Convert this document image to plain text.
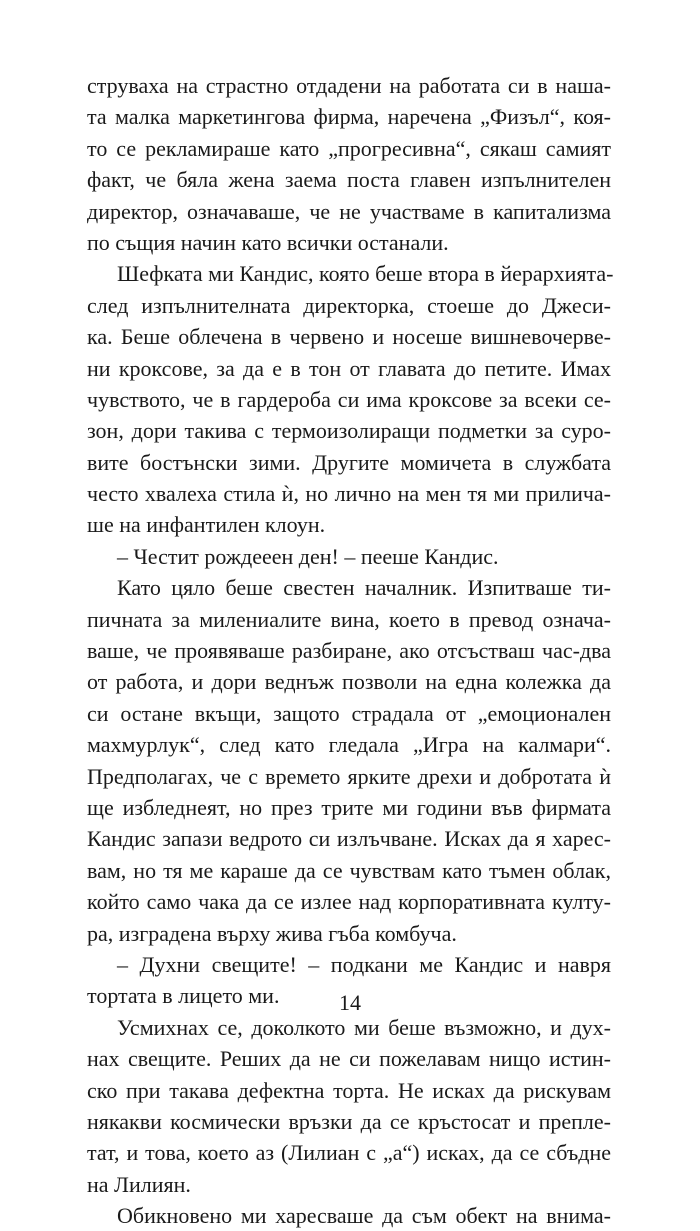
струваха на страстно отдадени на работата си в наша-
та малка маркетингова фирма, наречена „Физъл“, коя-
то се рекламираше като „прогресивна“, сякаш самият
факт, че бяла жена заема поста главен изпълнителен
директор, означаваше, че не участваме в капитализма
по същия начин като всички останали.
Шефката ми Кандис, която беше втора в йерархията-
след изпълнителната директорка, стоеше до Джеси-
ка. Беше облечена в червено и носеше вишневочерве-
ни кроксове, за да е в тон от главата до петите. Имах
чувството, че в гардероба си има кроксове за всеки се-
зон, дори такива с термоизолиращи подметки за суро-
вите бостънски зими. Другите момичета в службата
често хвалеха стила ѝ, но лично на мен тя ми прилича-
ше на инфантилен клоун.
– Честит рождееен ден! – пееше Кандис.
Като цяло беше свестен началник. Изпитваше ти-
пичната за милениалите вина, което в превод означа-
ваше, че проявяваше разбиране, ако отсъстваш час-два
от работа, и дори веднъж позволи на една колежка да
си остане вкъщи, защото страдала от „емоционален
махмурлук“, след като гледала „Игра на калмари“.
Предполагах, че с времето ярките дрехи и добротата ѝ
ще избледнеят, но през трите ми години във фирмата
Кандис запази ведрото си излъчване. Исках да я харес-
вам, но тя ме караше да се чувствам като тъмен облак,
който само чака да се излее над корпоративната култу-
ра, изградена върху жива гъба комбуча.
– Духни свещите! – подкани ме Кандис и навря
тортата в лицето ми.
Усмихнах се, доколкото ми беше възможно, и дух-
нах свещите. Реших да не си пожелавам нищо истин-
ско при такава дефектна торта. Не исках да рискувам
някакви космически връзки да се кръстосат и препле-
тат, и това, което аз (Лилиан с „а“) исках, да се сбъдне
на Лилиян.
Обикновено ми харесваше да съм обект на внима-
14
